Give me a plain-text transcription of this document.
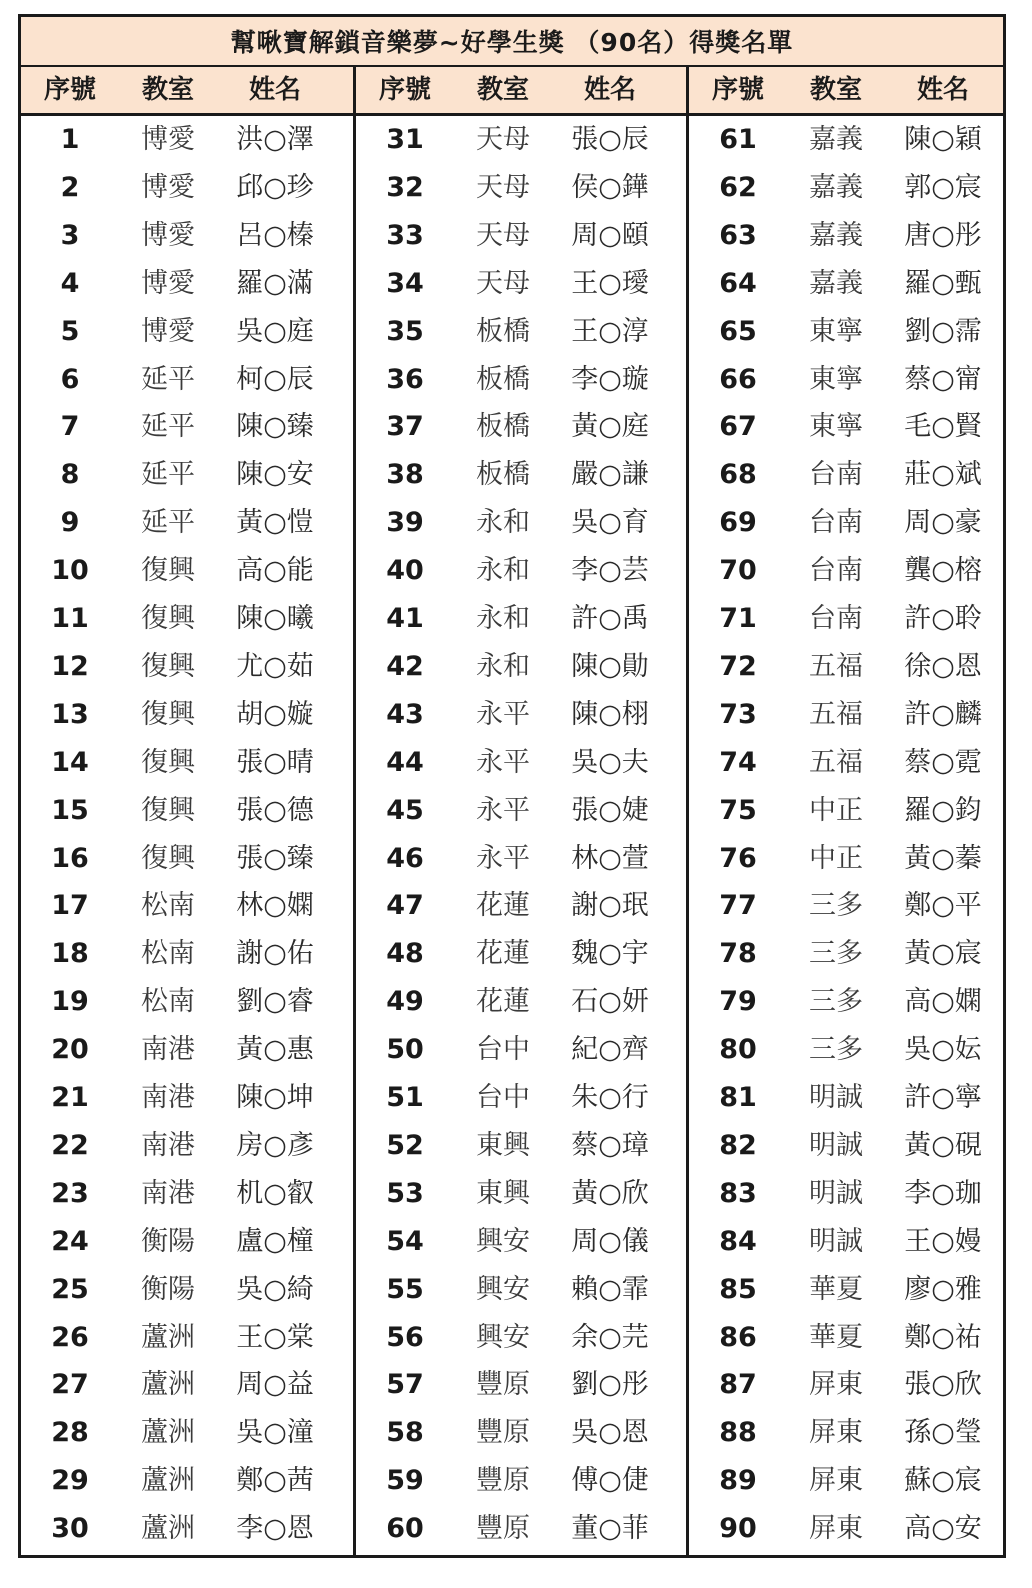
幫啾寶解鎖音樂夢~好學生獎 （90名）得獎名單
序號	教室	姓名	序號	教室	姓名	序號	教室	姓名
1	博愛	洪○澤
2	博愛	邱○珍
3	博愛	呂○榛
4	博愛	羅○滿
5	博愛	吳○庭
6	延平	柯○辰
7	延平	陳○臻
8	延平	陳○安
9	延平	黃○愷
10	復興	高○能
11	復興	陳○曦
12	復興	尤○茹
13	復興	胡○嫙
14	復興	張○晴
15	復興	張○德
16	復興	張○臻
17	松南	林○嫻
18	松南	謝○佑
19	松南	劉○睿
20	南港	黃○惠
21	南港	陳○坤
22	南港	房○彥
23	南港	机○叡
24	衡陽	盧○橦
25	衡陽	吳○綺
26	蘆洲	王○棠
27	蘆洲	周○益
28	蘆洲	吳○潼
29	蘆洲	鄭○茜
30	蘆洲	李○恩
31	天母	張○辰
32	天母	侯○鏵
33	天母	周○頤
34	天母	王○璦
35	板橋	王○淳
36	板橋	李○璇
37	板橋	黃○庭
38	板橋	嚴○謙
39	永和	吳○育
40	永和	李○芸
41	永和	許○禹
42	永和	陳○勛
43	永平	陳○栩
44	永平	吳○夫
45	永平	張○婕
46	永平	林○萱
47	花蓮	謝○珉
48	花蓮	魏○宇
49	花蓮	石○妍
50	台中	紀○齊
51	台中	朱○行
52	東興	蔡○璋
53	東興	黃○欣
54	興安	周○儀
55	興安	賴○霏
56	興安	余○芫
57	豐原	劉○彤
58	豐原	吳○恩
59	豐原	傅○倢
60	豐原	董○菲
61	嘉義	陳○穎
62	嘉義	郭○宸
63	嘉義	唐○彤
64	嘉義	羅○甄
65	東寧	劉○霈
66	東寧	蔡○甯
67	東寧	毛○賢
68	台南	莊○斌
69	台南	周○豪
70	台南	龔○榕
71	台南	許○聆
72	五福	徐○恩
73	五福	許○麟
74	五福	蔡○霓
75	中正	羅○鈞
76	中正	黃○蓁
77	三多	鄭○平
78	三多	黃○宸
79	三多	高○嫻
80	三多	吳○妘
81	明誠	許○寧
82	明誠	黃○硯
83	明誠	李○珈
84	明誠	王○嫚
85	華夏	廖○雅
86	華夏	鄭○祐
87	屏東	張○欣
88	屏東	孫○瑩
89	屏東	蘇○宸
90	屏東	高○安
